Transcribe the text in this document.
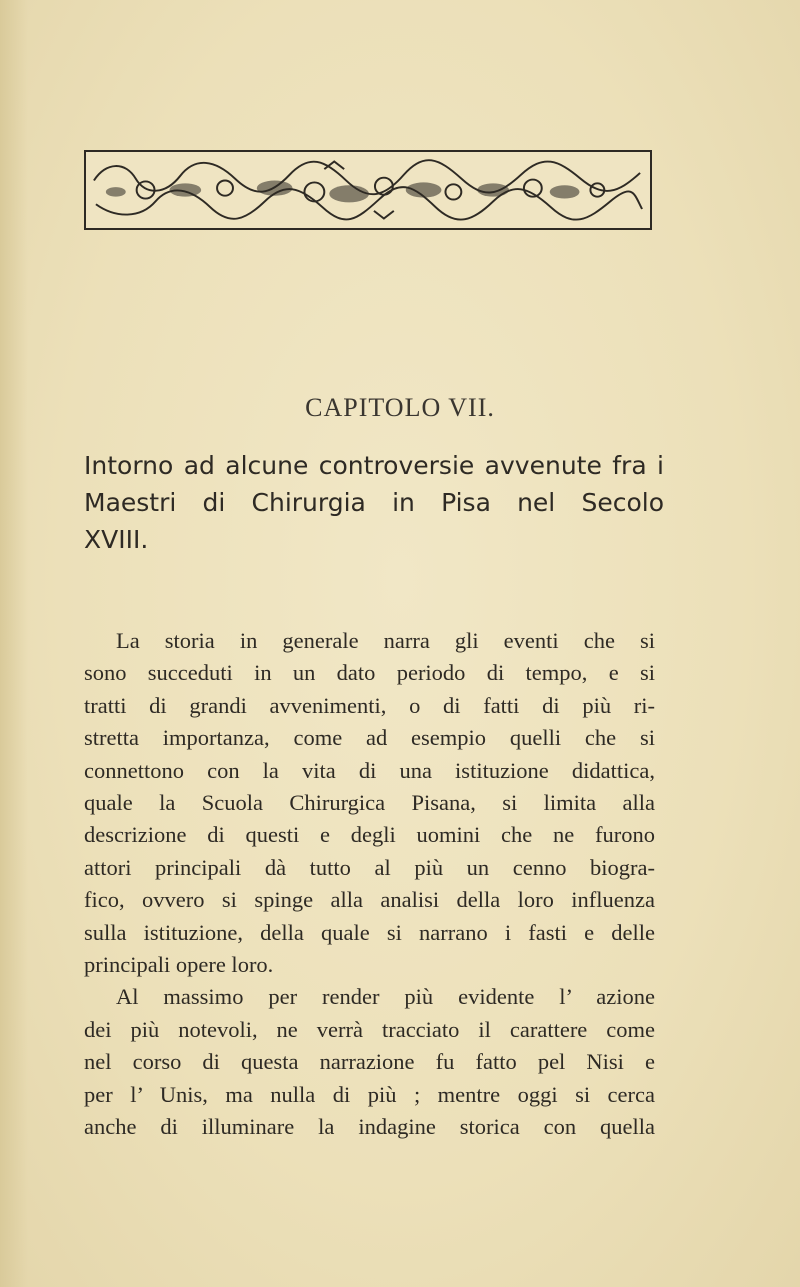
CAPITOLO VII.
Intorno ad alcune controversie avvenute fra i
Maestri di Chirurgia in Pisa nel Secolo
XVIII.
La storia in generale narra gli eventi che si
sono succeduti in un dato periodo di tempo, e si
tratti di grandi avvenimenti, o di fatti di più ri-
stretta importanza, come ad esempio quelli che si
connettono con la vita di una istituzione didattica,
quale la Scuola Chirurgica Pisana, si limita alla
descrizione di questi e degli uomini che ne furono
attori principali dà tutto al più un cenno biogra-
fico, ovvero si spinge alla analisi della loro influenza
sulla istituzione, della quale si narrano i fasti e delle
principali opere loro.
Al massimo per render più evidente l’ azione
dei più notevoli, ne verrà tracciato il carattere come
nel corso di questa narrazione fu fatto pel Nisi e
per l’ Unis, ma nulla di più ; mentre oggi si cerca
anche di illuminare la indagine storica con quella
